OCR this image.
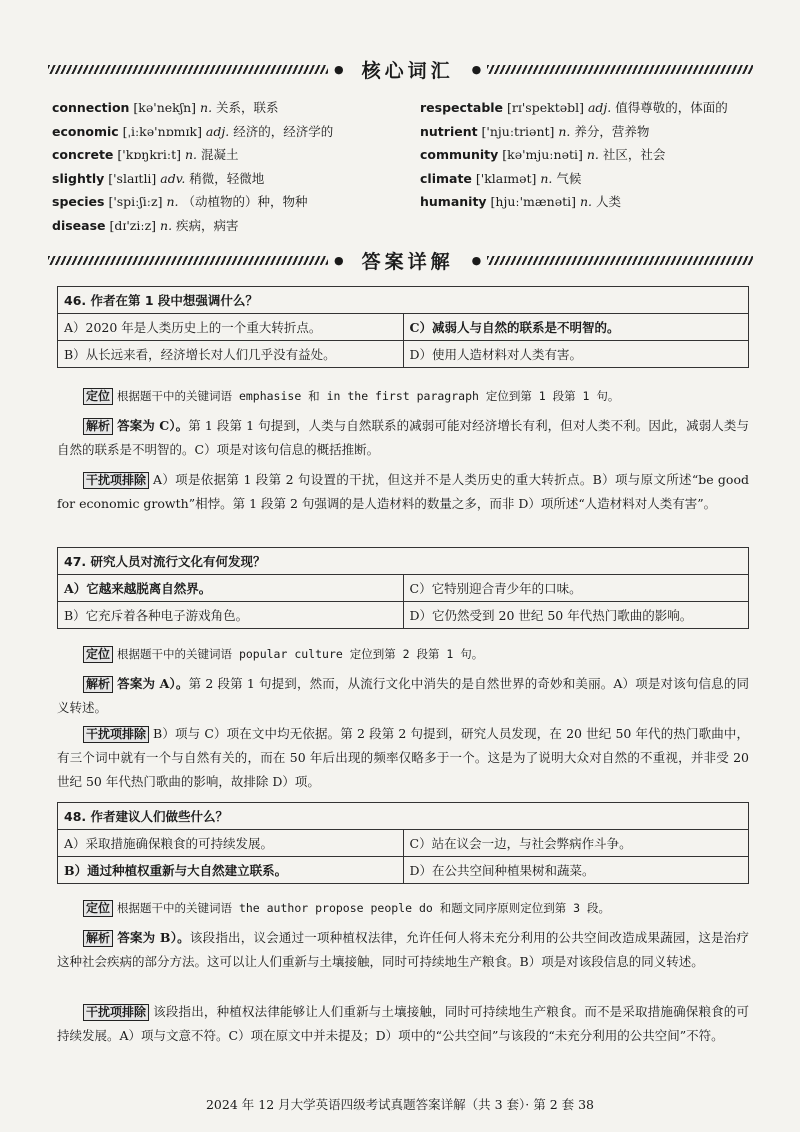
● 核心词汇	●
connection [kə'nekʃn] n. 关系，联系
economic [ˌiːkə'nɒmɪk] adj. 经济的，经济学的
concrete ['kɒŋkriːt] n. 混凝土
slightly ['slaɪtli] adv. 稍微，轻微地
species ['spiːʃiːz] n. （动植物的）种，物种
disease [dɪ'ziːz] n. 疾病，病害
respectable [rɪ'spektəbl] adj. 值得尊敬的，体面的
nutrient ['njuːtriənt] n. 养分，营养物
community [kə'mjuːnəti] n. 社区，社会
climate ['klaɪmət] n. 气候
humanity [hjuː'mænəti] n. 人类
● 答案详解	●
46. 作者在第 1 段中想强调什么？	
A）2020 年是人类历史上的一个重大转折点。	C）减弱人与自然的联系是不明智的。
B）从长远来看，经济增长对人们几乎没有益处。	D）使用人造材料对人类有害。
定位 根据题干中的关键词语 emphasise 和 in the first paragraph 定位到第 1 段第 1 句。
解析 答案为 C）。第 1 段第 1 句提到，人类与自然联系的减弱可能对经济增长有利，但对人类不利。因此，减弱人类与自然的联系是不明智的。C）项是对该句信息的概括推断。
干扰项排除 A）项是依据第 1 段第 2 句设置的干扰，但这并不是人类历史的重大转折点。B）项与原文所述“be good for economic growth”相悖。第 1 段第 2 句强调的是人造材料的数量之多，而非 D）项所述“人造材料对人类有害”。
47. 研究人员对流行文化有何发现？	
A）它越来越脱离自然界。	C）它特别迎合青少年的口味。
B）它充斥着各种电子游戏角色。	D）它仍然受到 20 世纪 50 年代热门歌曲的影响。
定位 根据题干中的关键词语 popular culture 定位到第 2 段第 1 句。
解析 答案为 A）。第 2 段第 1 句提到，然而，从流行文化中消失的是自然世界的奇妙和美丽。A）项是对该句信息的同义转述。
干扰项排除 B）项与 C）项在文中均无依据。第 2 段第 2 句提到，研究人员发现，在 20 世纪 50 年代的热门歌曲中，有三个词中就有一个与自然有关的，而在 50 年后出现的频率仅略多于一个。这是为了说明大众对自然的不重视，并非受 20 世纪 50 年代热门歌曲的影响，故排除 D）项。
48. 作者建议人们做些什么？	
A）采取措施确保粮食的可持续发展。	C）站在议会一边，与社会弊病作斗争。
B）通过种植权重新与大自然建立联系。	D）在公共空间种植果树和蔬菜。
定位 根据题干中的关键词语 the author propose people do 和题文同序原则定位到第 3 段。
解析 答案为 B）。该段指出，议会通过一项种植权法律，允许任何人将未充分利用的公共空间改造成果蔬园，这是治疗这种社会疾病的部分方法。这可以让人们重新与土壤接触，同时可持续地生产粮食。B）项是对该段信息的同义转述。
干扰项排除 该段指出，种植权法律能够让人们重新与土壤接触，同时可持续地生产粮食。而不是采取措施确保粮食的可持续发展。A）项与文意不符。C）项在原文中并未提及；D）项中的“公共空间”与该段的“未充分利用的公共空间”不符。
2024 年 12 月大学英语四级考试真题答案详解（共 3 套）· 第 2 套 38
